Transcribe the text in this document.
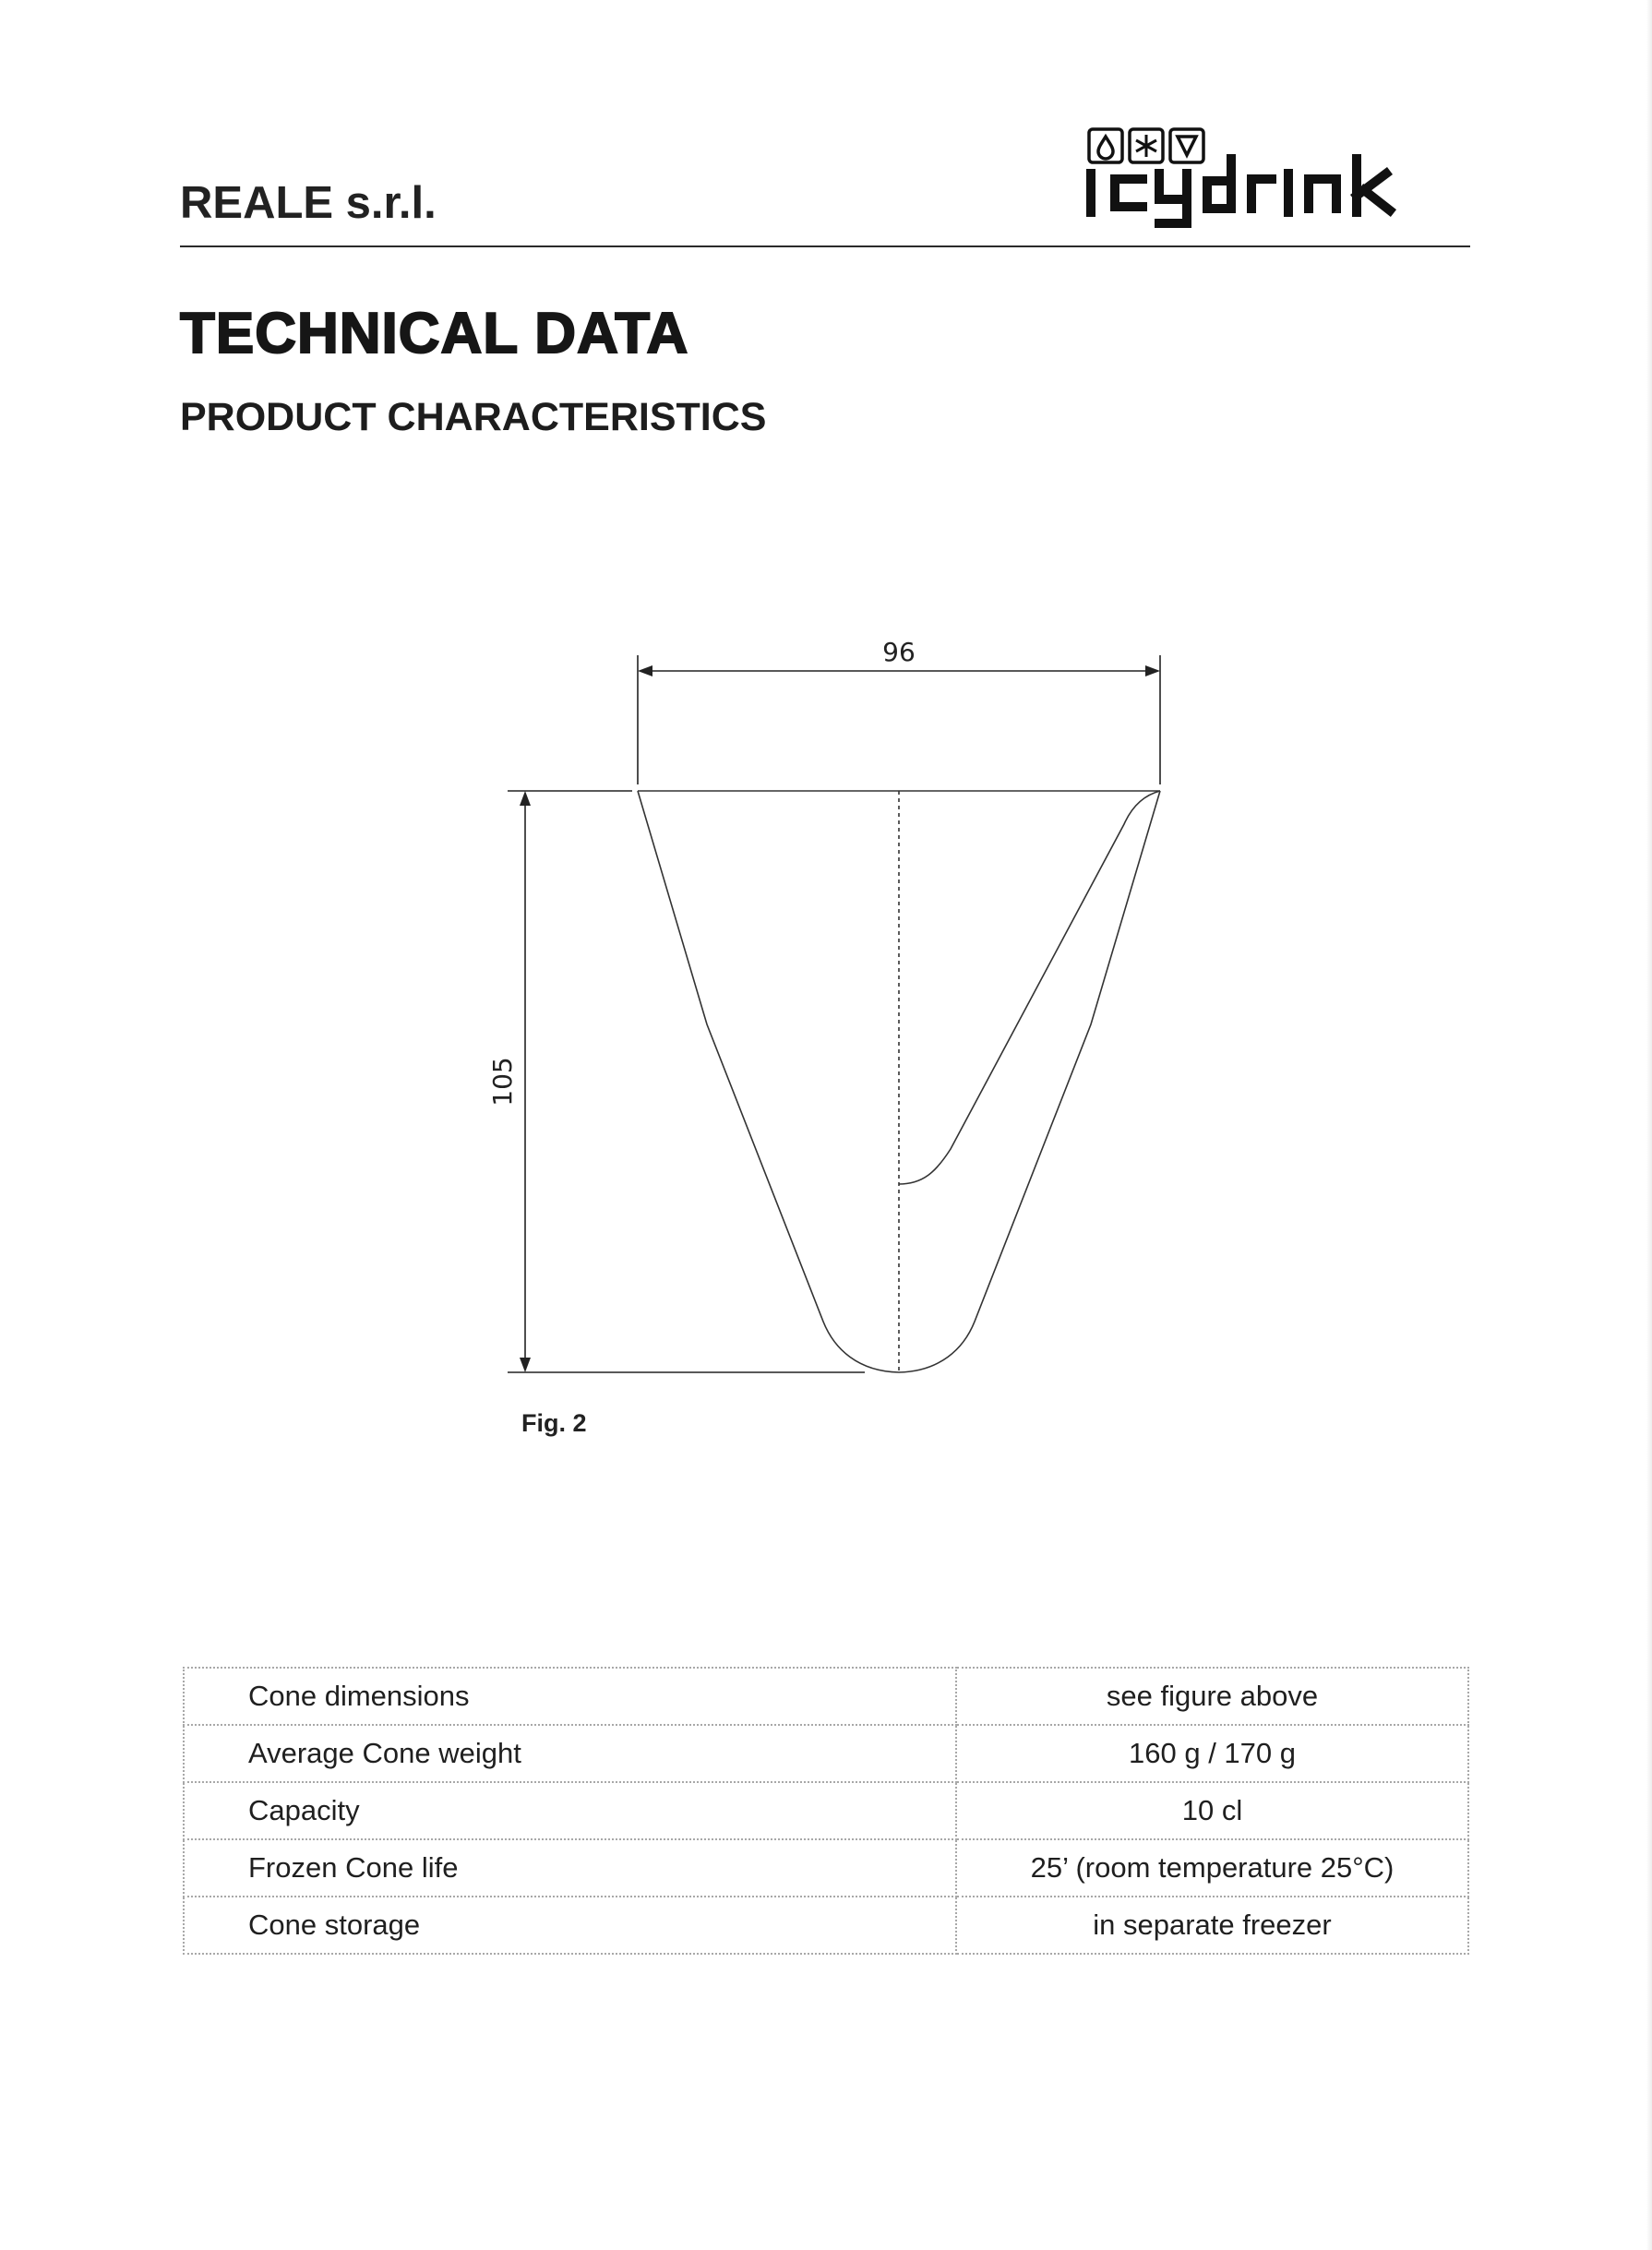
REALE s.r.l.
TECHNICAL DATA
PRODUCT CHARACTERISTICS
96
105
Fig. 2
Cone dimensions	see figure above
Average Cone weight	160 g / 170 g
Capacity	10 cl
Frozen Cone life	25’ (room temperature 25°C)
Cone storage	in separate freezer
